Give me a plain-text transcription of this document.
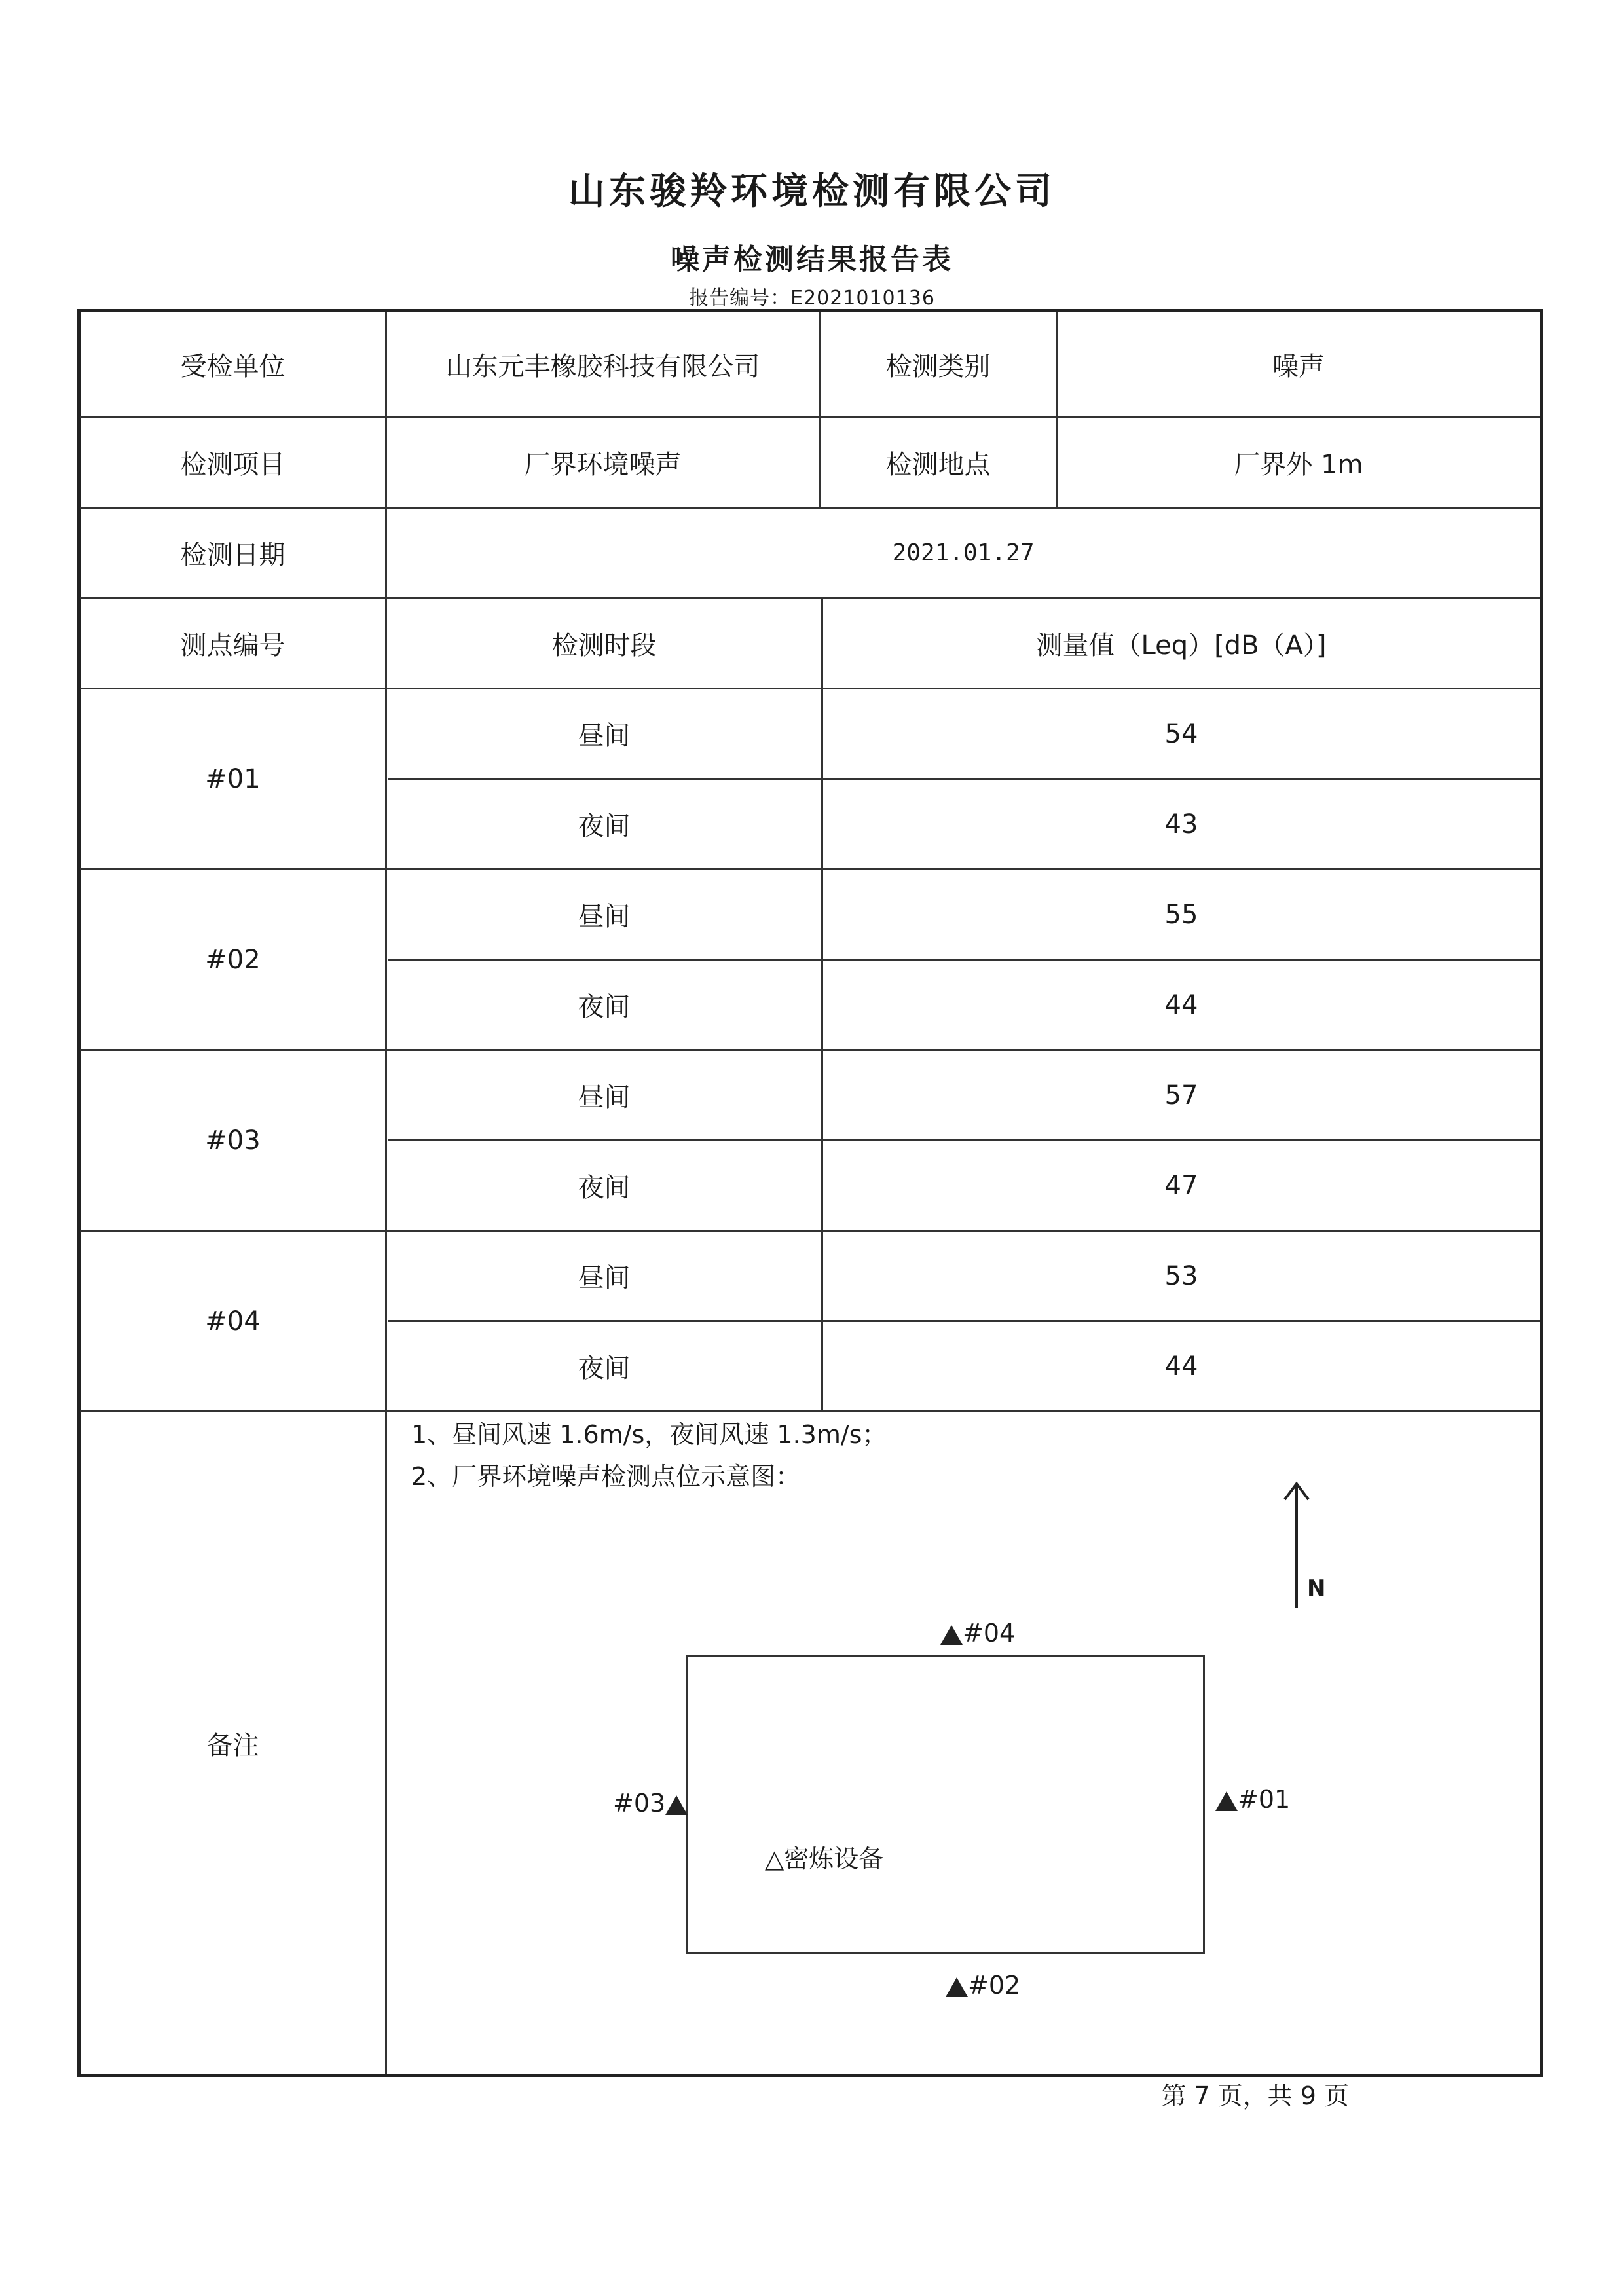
山东骏羚环境检测有限公司
噪声检测结果报告表
报告编号：E2021010136
受检单位	山东元丰橡胶科技有限公司	检测类别	噪声
检测项目	厂界环境噪声	检测地点	厂界外 1m
检测日期	2021.01.27
测点编号	检测时段	测量值（Leq）[dB（A）]
#01
昼间	54
夜间	43
#02
昼间	55
夜间	44
#03
昼间	57
夜间	47
#04
昼间	53
夜间	44
备注
1、昼间风速 1.6m/s，夜间风速 1.3m/s；
2、厂界环境噪声检测点位示意图：
N
#04
#01
#03
#02
△密炼设备
第 7 页，共 9 页
